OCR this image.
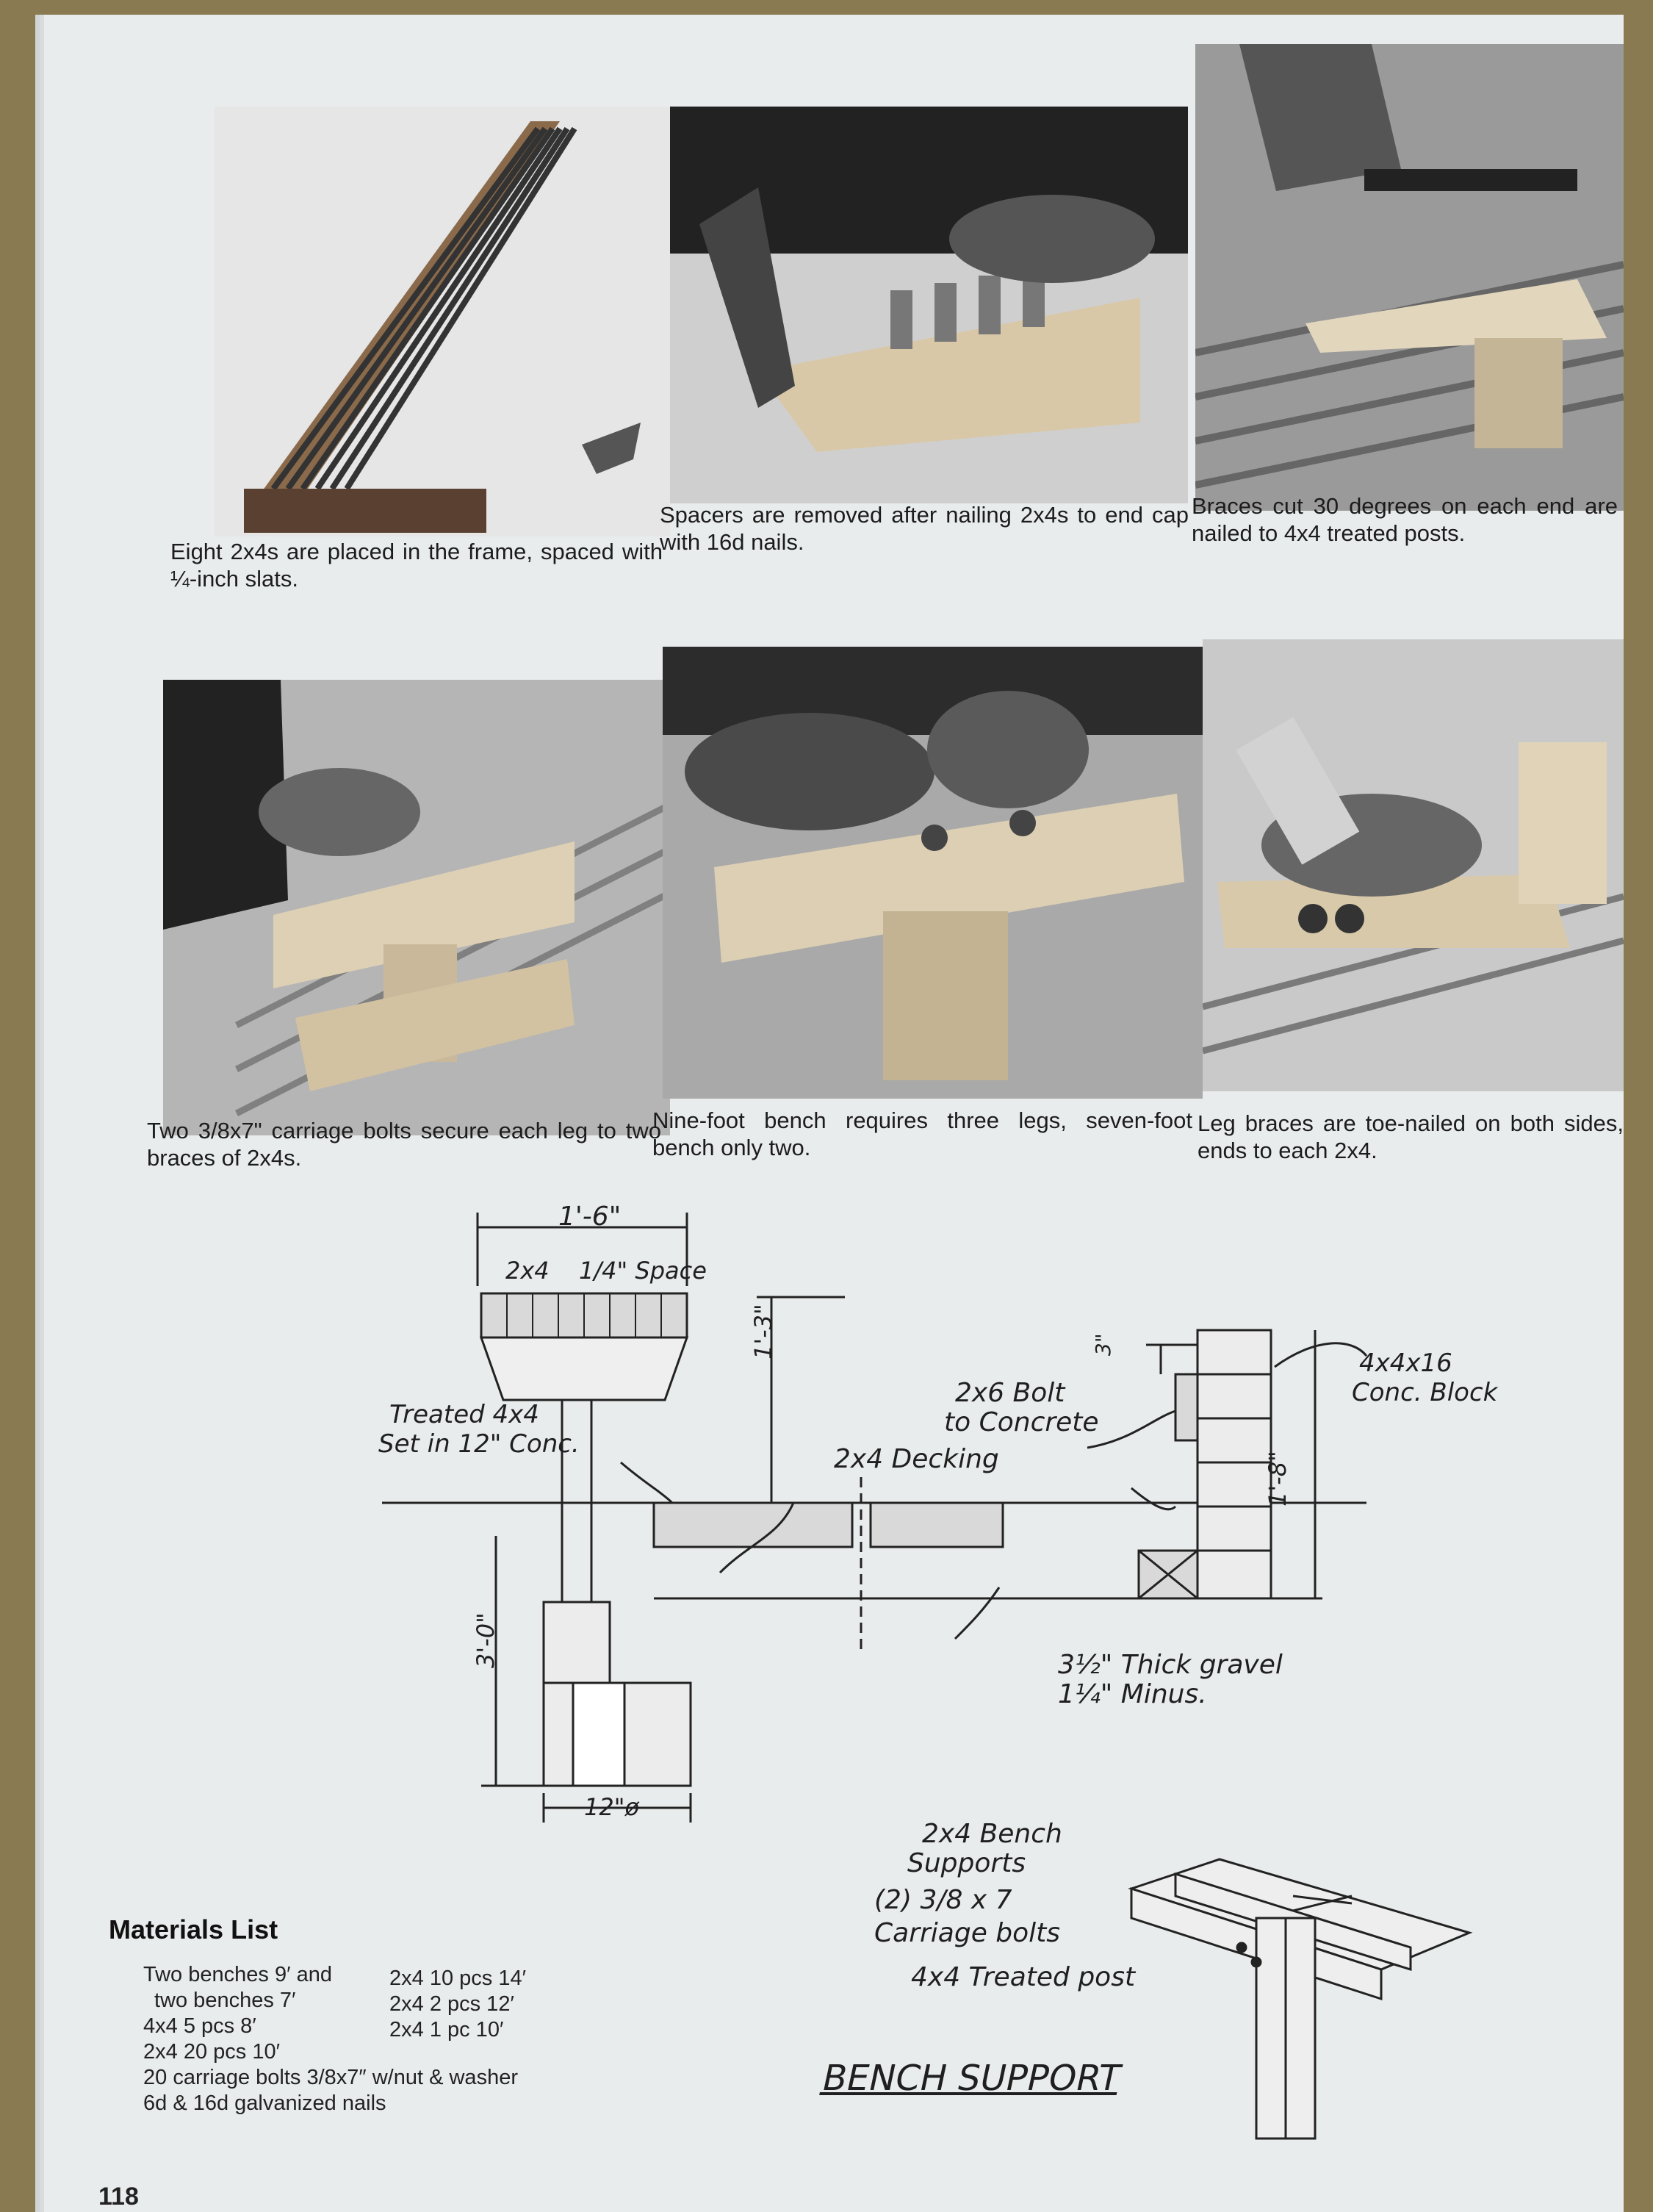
Eight 2x4s are placed in the frame, spaced with ¼-inch slats.
Spacers are removed after nailing 2x4s to end cap with 16d nails.
Braces cut 30 degrees on each end are nailed to 4x4 treated posts.
Two 3/8x7" carriage bolts secure each leg to two braces of 2x4s.
Nine-foot bench requires three legs, seven-foot bench only two.
Leg braces are toe-nailed on both sides, ends to each 2x4.
1'-6"
2x4 1/4" Space
1'-3"
Treated 4x4
Set in 12" Conc.
2x6 Bolt
to Concrete
2x4 Decking
4x4x16
Conc. Block
3"
1'-8"
3'-0"	3½" Thick gravel
1¼" Minus.
12"ø
2x4 Bench
Supports
(2) 3/8 x 7
Carriage bolts
4x4 Treated post
BENCH SUPPORT
Materials List
Two benches 9′ and
two benches 7′
4x4 5 pcs 8′
2x4 20 pcs 10′
20 carriage bolts 3/8x7″ w/nut & washer
6d & 16d galvanized nails
2x4 10 pcs 14′
2x4 2 pcs 12′
2x4 1 pc 10′
118
